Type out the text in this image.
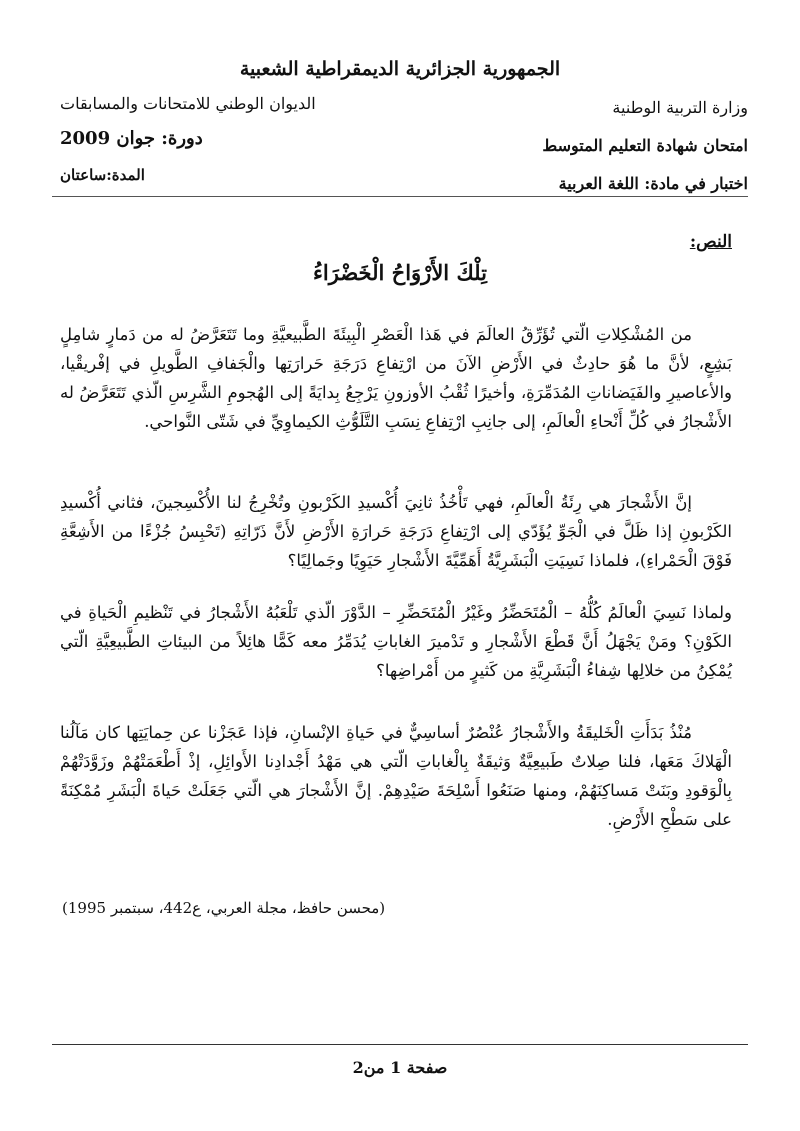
الجمهورية الجزائرية الديمقراطية الشعبية
وزارة التربية الوطنية
الديوان الوطني للامتحانات والمسابقات
امتحان شهادة التعليم المتوسط
دورة: جوان 2009
اختبار في مادة: اللغة العربية
المدة:ساعتان
النص:
تِلْكَ الأَرْوَاحُ الْخَضْرَاءُ

من المُشْكِلاتِ الّتي تُؤَرِّقُ العالَمَ في هَذا الْعَصْرِ الْبِيئَةَ الطَّبيعيَّةِ وما تَتَعَرَّضُ له من دَمارٍ شامِلٍ بَشِعٍ، لأنَّ ما هُوَ حادِثٌ في الأَرْضِ الآنَ من ارْتِفاعِ دَرَجَةِ حَرارَتِها والْجَفافِ الطَّويلِ في إفْريقْيا، والأعاصيرِ والفَيَضاناتِ المُدَمِّرَةِ، وأخيرًا ثُقْبُ الأوزونِ يَرْجِعُ بِدايَةً إلى الهُجومِ الشَّرِسِ الّذي تَتَعَرَّضُ له الأَشْجارُ في كُلِّ أَنْحاءِ الْعالَمِ، إلى جانِبِ ارْتِفاعِ نِسَبِ التَّلَوُّثِ الكيماوِيِّ في شَتّى النَّواحي.

إنَّ الأَشْجارَ هي رِئَةُ الْعالَمِ، فهي تَأْخُذُ ثانِيَ أُكْسيدِ الكَرْبونِ وتُخْرِجُ لنا الأُكْسِجينَ، فثاني أُكْسيدِ الكَرْبونِ إذا ظَلَّ في الْجَوِّ يُؤَدّي إلى ارْتِفاعِ دَرَجَةِ حَرارَةِ الأَرْضِ لأَنَّ ذَرّاتِهِ (تَحْبِسُ جُزْءًا من الأَشِعَّةِ فَوْقَ الْحَمْراءِ)، فلماذا نَسِيَتِ الْبَشَرِيَّةُ أَهَمِّيَّةَ الأَشْجارِ حَيَوِيًا وجَمالِيًا؟

ولماذا نَسِيَ الْعالَمُ كُلُّهُ – الْمُتَحَضِّرُ وغَيْرُ الْمُتَحَضِّرِ – الدَّوْرَ الّذي تَلْعَبُهُ الأَشْجارُ في تَنْظيمِ الْحَياةِ في الكَوْنِ؟ ومَنْ يَجْهَلُ أَنَّ قَطْعَ الأَشْجارِ و تَدْميرَ الغاباتِ يُدَمِّرُ معه كَمًّا هائِلاً من البيئاتِ الطَّبيعِيَّةِ الّتي يُمْكِنُ من خلالِها شِفاءُ الْبَشَرِيَّةِ من كَثيرٍ من أَمْراضِها؟

مُنْذُ بَدَأَتِ الْخَليقَةُ والأَشْجارُ عُنْصُرٌ أساسِيٌّ في حَياةِ الإنْسانِ، فإذا عَجَزْنا عن حِمايَتِها كان مَآلُنا الْهَلاكَ مَعَها، فلنا صِلاتٌ طَبيعِيَّةٌ وَثيقَةٌ بِالْغاباتِ الّتي هي مَهْدُ أَجْدادِنا الأَوائِلِ، إذْ أَطْعَمَتْهُمْ وزَوَّدَتْهُمْ بِالْوَقودِ وبَنَتْ مَساكِنَهُمْ، ومنها صَنَعُوا أَسْلِحَةَ صَيْدِهِمْ. إنَّ الأَشْجارَ هي الّتي جَعَلَتْ حَياةَ الْبَشَرِ مُمْكِنَةً على سَطْحِ الأَرْضِ.

(محسن حافظ، مجلة العربي، ع442، سبتمبر 1995)
صفحة 1 من2
